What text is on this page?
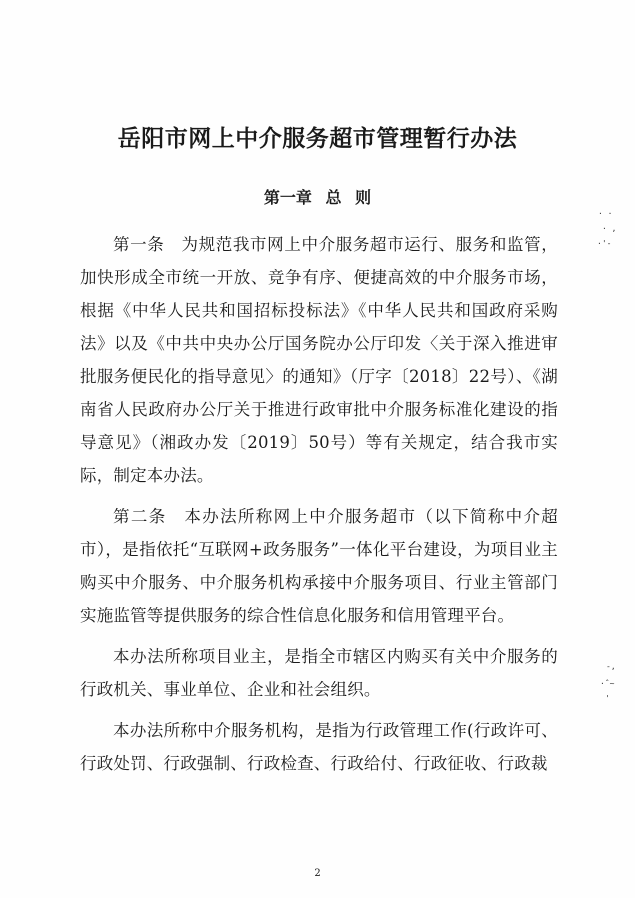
岳阳市网上中介服务超市管理暂行办法
第一章 总 则

第一条　为规范我市网上中介服务超市运行、服务和监管，加快形成全市统一开放、竞争有序、便捷高效的中介服务市场，根据《中华人民共和国招标投标法》《中华人民共和国政府采购法》以及《中共中央办公厅国务院办公厅印发〈关于深入推进审批服务便民化的指导意见〉的通知》（厅字〔2018〕22号）、《湖南省人民政府办公厅关于推进行政审批中介服务标准化建设的指导意见》（湘政办发〔2019〕50号）等有关规定，结合我市实际，制定本办法。

第二条　本办法所称网上中介服务超市（以下简称中介超市），是指依托“互联网+政务服务”一体化平台建设，为项目业主购买中介服务、中介服务机构承接中介服务项目、行业主管部门实施监管等提供服务的综合性信息化服务和信用管理平台。

本办法所称项目业主，是指全市辖区内购买有关中介服务的行政机关、事业单位、企业和社会组织。

本办法所称中介服务机构，是指为行政管理工作(行政许可、行政处罚、行政强制、行政检查、行政给付、行政征收、行政裁

· ·
· ,
·'-
-,
·ˆ~
'
2
